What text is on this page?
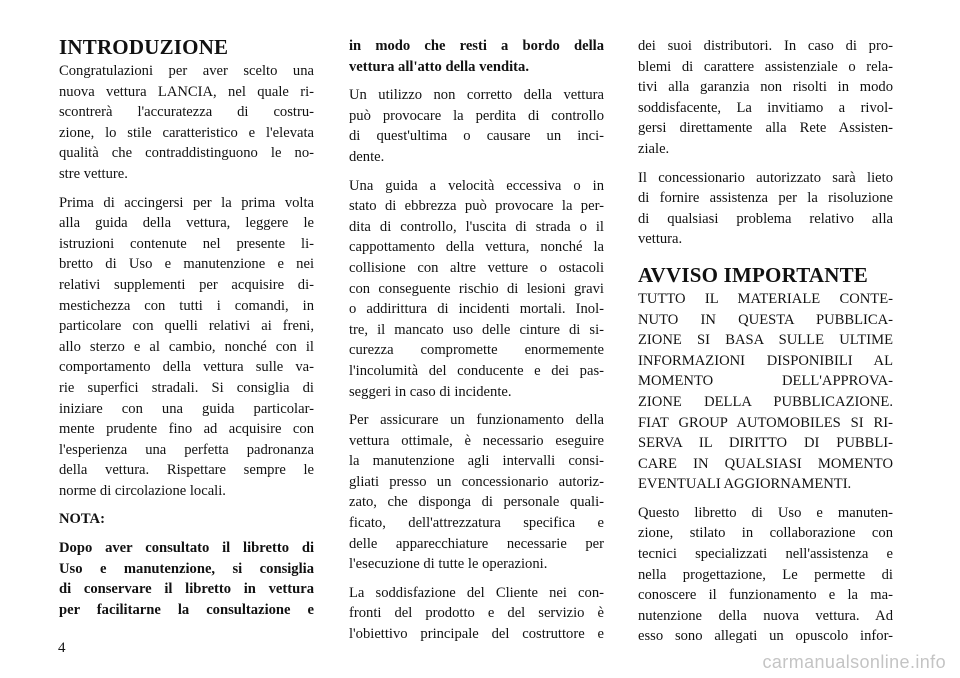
INTRODUZIONE
Congratulazioni per aver scelto una
nuova vettura LANCIA, nel quale ri-
scontrerà l'accuratezza di costru-
zione, lo stile caratteristico e l'elevata
qualità che contraddistinguono le no-
stre vetture.
Prima di accingersi per la prima volta
alla guida della vettura, leggere le
istruzioni contenute nel presente li-
bretto di Uso e manutenzione e nei
relativi supplementi per acquisire di-
mestichezza con tutti i comandi, in
particolare con quelli relativi ai freni,
allo sterzo e al cambio, nonché con il
comportamento della vettura sulle va-
rie superfici stradali. Si consiglia di
iniziare con una guida particolar-
mente prudente fino ad acquisire con
l'esperienza una perfetta padronanza
della vettura. Rispettare sempre le
norme di circolazione locali.
NOTA:
Dopo aver consultato il libretto di
Uso e manutenzione, si consiglia
di conservare il libretto in vettura
per facilitarne la consultazione e
in modo che resti a bordo della
vettura all'atto della vendita.
Un utilizzo non corretto della vettura
può provocare la perdita di controllo
di quest'ultima o causare un inci-
dente.
Una guida a velocità eccessiva o in
stato di ebbrezza può provocare la per-
dita di controllo, l'uscita di strada o il
cappottamento della vettura, nonché la
collisione con altre vetture o ostacoli
con conseguente rischio di lesioni gravi
o addirittura di incidenti mortali. Inol-
tre, il mancato uso delle cinture di si-
curezza compromette enormemente
l'incolumità del conducente e dei pas-
seggeri in caso di incidente.
Per assicurare un funzionamento della
vettura ottimale, è necessario eseguire
la manutenzione agli intervalli consi-
gliati presso un concessionario autoriz-
zato, che disponga di personale quali-
ficato, dell'attrezzatura specifica e
delle apparecchiature necessarie per
l'esecuzione di tutte le operazioni.
La soddisfazione del Cliente nei con-
fronti del prodotto e del servizio è
l'obiettivo principale del costruttore e
dei suoi distributori. In caso di pro-
blemi di carattere assistenziale o rela-
tivi alla garanzia non risolti in modo
soddisfacente, La invitiamo a rivol-
gersi direttamente alla Rete Assisten-
ziale.
Il concessionario autorizzato sarà lieto
di fornire assistenza per la risoluzione
di qualsiasi problema relativo alla
vettura.
AVVISO IMPORTANTE
TUTTO IL MATERIALE CONTE-
NUTO IN QUESTA PUBBLICA-
ZIONE SI BASA SULLE ULTIME
INFORMAZIONI DISPONIBILI AL
MOMENTO DELL'APPROVA-
ZIONE DELLA PUBBLICAZIONE.
FIAT GROUP AUTOMOBILES SI RI-
SERVA IL DIRITTO DI PUBBLI-
CARE IN QUALSIASI MOMENTO
EVENTUALI AGGIORNAMENTI.
Questo libretto di Uso e manuten-
zione, stilato in collaborazione con
tecnici specializzati nell'assistenza e
nella progettazione, Le permette di
conoscere il funzionamento e la ma-
nutenzione della nuova vettura. Ad
esso sono allegati un opuscolo infor-
4
carmanualsonline.info
